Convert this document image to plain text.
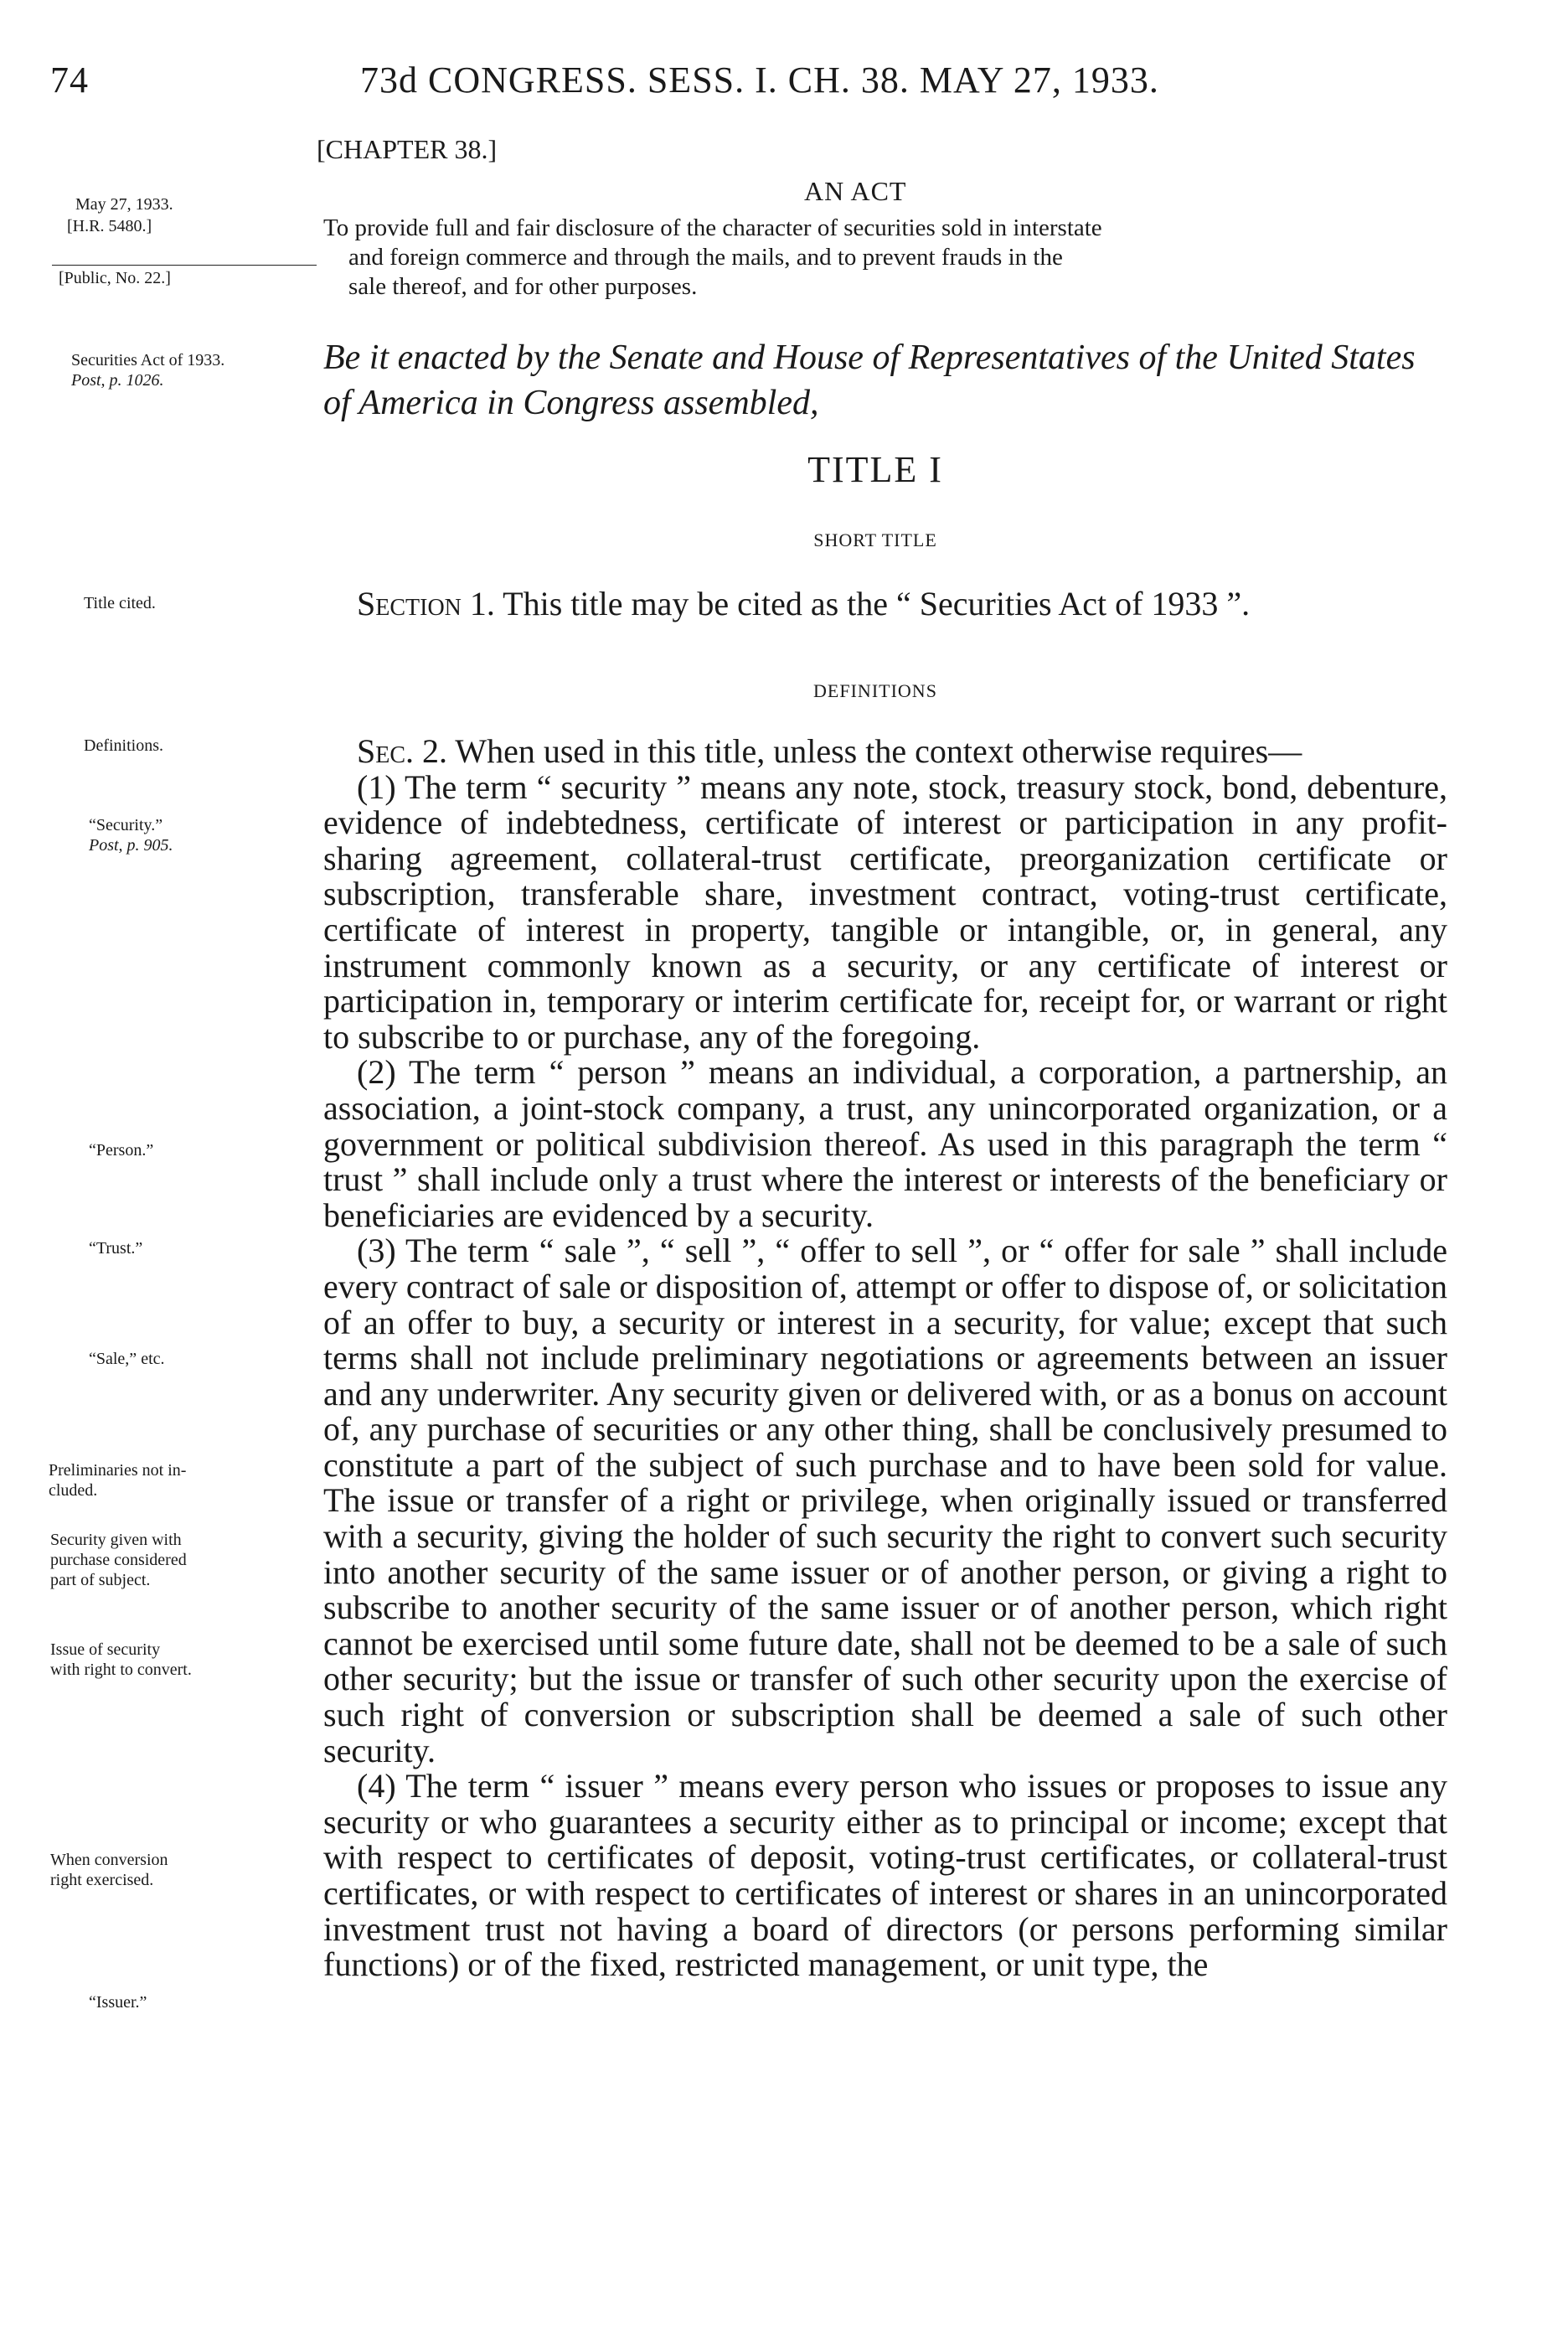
74	73d CONGRESS. SESS. I. CH. 38. MAY 27, 1933.
[CHAPTER 38.]
AN ACT
To provide full and fair disclosure of the character of securities sold in interstate
and foreign commerce and through the mails, and to prevent frauds in the
sale thereof, and for other purposes.
May 27, 1933.
[H.R. 5480.]
[Public, No. 22.]
Securities Act of 1933.
Post, p. 1026.
Title cited.
Definitions.
“Security.”
Post, p. 905.
“Person.”
“Trust.”
“Sale,” etc.
Preliminaries not in-
cluded.
Security given with
purchase considered
part of subject.
Issue of security
with right to convert.
When conversion
right exercised.
“Issuer.”
Be it enacted by the Senate and House of Representatives of the United States of America in Congress assembled,
TITLE I
SHORT TITLE

Section 1. This title may be cited as the “ Securities Act of 1933 ”.

DEFINITIONS

Sec. 2. When used in this title, unless the context otherwise requires—

(1) The term “ security ” means any note, stock, treasury stock, bond, debenture, evidence of indebtedness, certificate of interest or participation in any profit-sharing agreement, collateral-trust certificate, preorganization certificate or subscription, transferable share, investment contract, voting-trust certificate, certificate of interest in property, tangible or intangible, or, in general, any instrument commonly known as a security, or any certificate of interest or participation in, temporary or interim certificate for, receipt for, or warrant or right to subscribe to or purchase, any of the foregoing.

(2) The term “ person ” means an individual, a corporation, a partnership, an association, a joint-stock company, a trust, any unincorporated organization, or a government or political subdivision thereof. As used in this paragraph the term “ trust ” shall include only a trust where the interest or interests of the beneficiary or beneficiaries are evidenced by a security.

(3) The term “ sale ”, “ sell ”, “ offer to sell ”, or “ offer for sale ” shall include every contract of sale or disposition of, attempt or offer to dispose of, or solicitation of an offer to buy, a security or interest in a security, for value; except that such terms shall not include preliminary negotiations or agreements between an issuer and any underwriter. Any security given or delivered with, or as a bonus on account of, any purchase of securities or any other thing, shall be conclusively presumed to constitute a part of the subject of such purchase and to have been sold for value. The issue or transfer of a right or privilege, when originally issued or transferred with a security, giving the holder of such security the right to convert such security into another security of the same issuer or of another person, or giving a right to subscribe to another security of the same issuer or of another person, which right cannot be exercised until some future date, shall not be deemed to be a sale of such other security; but the issue or transfer of such other security upon the exercise of such right of conversion or subscription shall be deemed a sale of such other security.

(4) The term “ issuer ” means every person who issues or proposes to issue any security or who guarantees a security either as to principal or income; except that with respect to certificates of deposit, voting-trust certificates, or collateral-trust certificates, or with respect to certificates of interest or shares in an unincorporated investment trust not having a board of directors (or persons performing similar functions) or of the fixed, restricted management, or unit type, the
